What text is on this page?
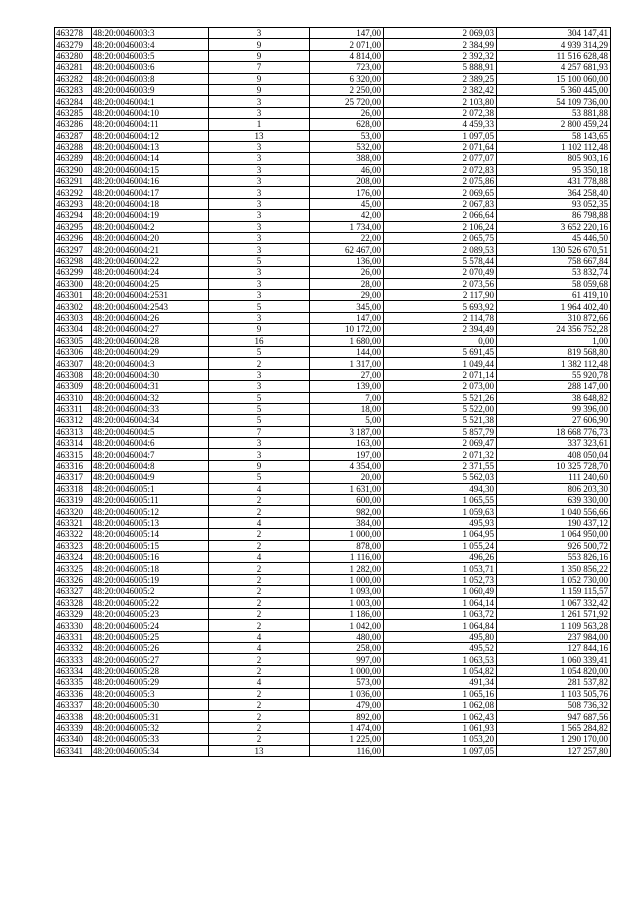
463278	48:20:0046003:3	3	147,00	2 069,03	304 147,41
463279	48:20:0046003:4	9	2 071,00	2 384,99	4 939 314,29
463280	48:20:0046003:5	9	4 814,00	2 392,32	11 516 628,48
463281	48:20:0046003:6	7	723,00	5 888,91	4 257 681,93
463282	48:20:0046003:8	9	6 320,00	2 389,25	15 100 060,00
463283	48:20:0046003:9	9	2 250,00	2 382,42	5 360 445,00
463284	48:20:0046004:1	3	25 720,00	2 103,80	54 109 736,00
463285	48:20:0046004:10	3	26,00	2 072,38	53 881,88
463286	48:20:0046004:11	1	628,00	4 459,33	2 800 459,24
463287	48:20:0046004:12	13	53,00	1 097,05	58 143,65
463288	48:20:0046004:13	3	532,00	2 071,64	1 102 112,48
463289	48:20:0046004:14	3	388,00	2 077,07	805 903,16
463290	48:20:0046004:15	3	46,00	2 072,83	95 350,18
463291	48:20:0046004:16	3	208,00	2 075,86	431 778,88
463292	48:20:0046004:17	3	176,00	2 069,65	364 258,40
463293	48:20:0046004:18	3	45,00	2 067,83	93 052,35
463294	48:20:0046004:19	3	42,00	2 066,64	86 798,88
463295	48:20:0046004:2	3	1 734,00	2 106,24	3 652 220,16
463296	48:20:0046004:20	3	22,00	2 065,75	45 446,50
463297	48:20:0046004:21	3	62 467,00	2 089,53	130 526 670,51
463298	48:20:0046004:22	5	136,00	5 578,44	758 667,84
463299	48:20:0046004:24	3	26,00	2 070,49	53 832,74
463300	48:20:0046004:25	3	28,00	2 073,56	58 059,68
463301	48:20:0046004:2531	3	29,00	2 117,90	61 419,10
463302	48:20:0046004:2543	5	345,00	5 693,92	1 964 402,40
463303	48:20:0046004:26	3	147,00	2 114,78	310 872,66
463304	48:20:0046004:27	9	10 172,00	2 394,49	24 356 752,28
463305	48:20:0046004:28	16	1 680,00	0,00	1,00
463306	48:20:0046004:29	5	144,00	5 691,45	819 568,80
463307	48:20:0046004:3	2	1 317,00	1 049,44	1 382 112,48
463308	48:20:0046004:30	3	27,00	2 071,14	55 920,78
463309	48:20:0046004:31	3	139,00	2 073,00	288 147,00
463310	48:20:0046004:32	5	7,00	5 521,26	38 648,82
463311	48:20:0046004:33	5	18,00	5 522,00	99 396,00
463312	48:20:0046004:34	5	5,00	5 521,38	27 606,90
463313	48:20:0046004:5	7	3 187,00	5 857,79	18 668 776,73
463314	48:20:0046004:6	3	163,00	2 069,47	337 323,61
463315	48:20:0046004:7	3	197,00	2 071,32	408 050,04
463316	48:20:0046004:8	9	4 354,00	2 371,55	10 325 728,70
463317	48:20:0046004:9	5	20,00	5 562,03	111 240,60
463318	48:20:0046005:1	4	1 631,00	494,30	806 203,30
463319	48:20:0046005:11	2	600,00	1 065,55	639 330,00
463320	48:20:0046005:12	2	982,00	1 059,63	1 040 556,66
463321	48:20:0046005:13	4	384,00	495,93	190 437,12
463322	48:20:0046005:14	2	1 000,00	1 064,95	1 064 950,00
463323	48:20:0046005:15	2	878,00	1 055,24	926 500,72
463324	48:20:0046005:16	4	1 116,00	496,26	553 826,16
463325	48:20:0046005:18	2	1 282,00	1 053,71	1 350 856,22
463326	48:20:0046005:19	2	1 000,00	1 052,73	1 052 730,00
463327	48:20:0046005:2	2	1 093,00	1 060,49	1 159 115,57
463328	48:20:0046005:22	2	1 003,00	1 064,14	1 067 332,42
463329	48:20:0046005:23	2	1 186,00	1 063,72	1 261 571,92
463330	48:20:0046005:24	2	1 042,00	1 064,84	1 109 563,28
463331	48:20:0046005:25	4	480,00	495,80	237 984,00
463332	48:20:0046005:26	4	258,00	495,52	127 844,16
463333	48:20:0046005:27	2	997,00	1 063,53	1 060 339,41
463334	48:20:0046005:28	2	1 000,00	1 054,82	1 054 820,00
463335	48:20:0046005:29	4	573,00	491,34	281 537,82
463336	48:20:0046005:3	2	1 036,00	1 065,16	1 103 505,76
463337	48:20:0046005:30	2	479,00	1 062,08	508 736,32
463338	48:20:0046005:31	2	892,00	1 062,43	947 687,56
463339	48:20:0046005:32	2	1 474,00	1 061,93	1 565 284,82
463340	48:20:0046005:33	2	1 225,00	1 053,20	1 290 170,00
463341	48:20:0046005:34	13	116,00	1 097,05	127 257,80
